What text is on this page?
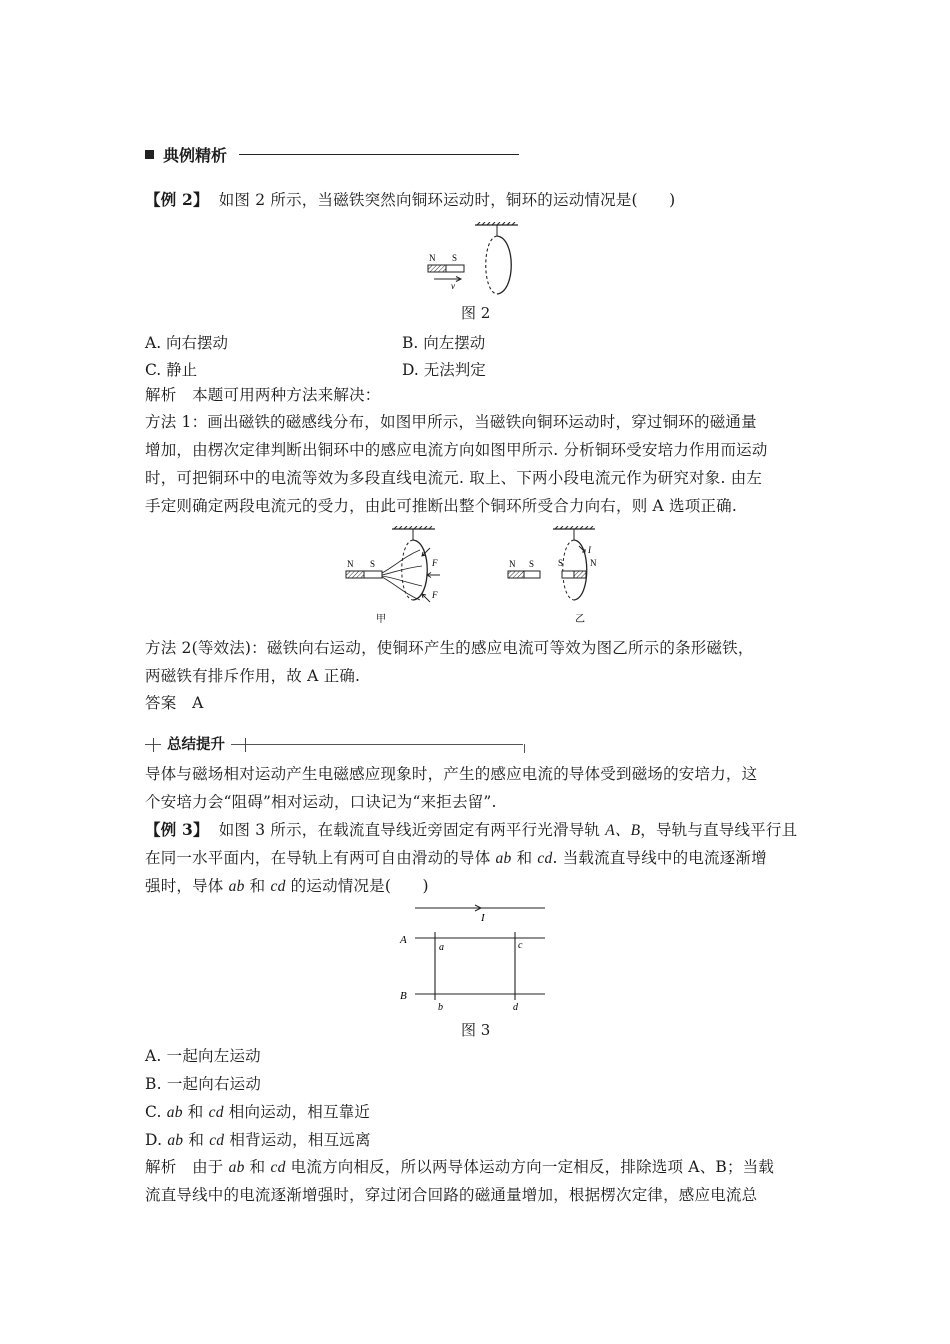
典例精析
【例 2】 如图 2 所示，当磁铁突然向铜环运动时，铜环的运动情况是(　　)
N S
v
图 2
A. 向右摆动	B. 向左摆动
C. 静止	D. 无法判定
解析　本题可用两种方法来解决：
方法 1：画出磁铁的磁感线分布，如图甲所示，当磁铁向铜环运动时，穿过铜环的磁通量
增加，由楞次定律判断出铜环中的感应电流方向如图甲所示. 分析铜环受安培力作用而运动
时，可把铜环中的电流等效为多段直线电流元. 取上、下两小段电流元作为研究对象. 由左
手定则确定两段电流元的受力，由此可推断出整个铜环所受合力向右，则 A 选项正确.
N S	F
F
甲
N S	S	N
I
乙
方法 2(等效法)：磁铁向右运动，使铜环产生的感应电流可等效为图乙所示的条形磁铁，
两磁铁有排斥作用，故 A 正确.
答案　A
总结提升
导体与磁场相对运动产生电磁感应现象时，产生的感应电流的导体受到磁场的安培力，这
个安培力会“阻碍”相对运动，口诀记为“来拒去留”.
【例 3】 如图 3 所示，在载流直导线近旁固定有两平行光滑导轨 A、B，导轨与直导线平行且
在同一水平面内，在导轨上有两可自由滑动的导体 ab 和 cd. 当载流直导线中的电流逐渐增
强时，导体 ab 和 cd 的运动情况是(　　)
I
A
B
a
b
c
d
图 3
A. 一起向左运动
B. 一起向右运动
C. ab 和 cd 相向运动，相互靠近
D. ab 和 cd 相背运动，相互远离
解析　由于 ab 和 cd 电流方向相反，所以两导体运动方向一定相反，排除选项 A、B；当载
流直导线中的电流逐渐增强时，穿过闭合回路的磁通量增加，根据楞次定律，感应电流总
